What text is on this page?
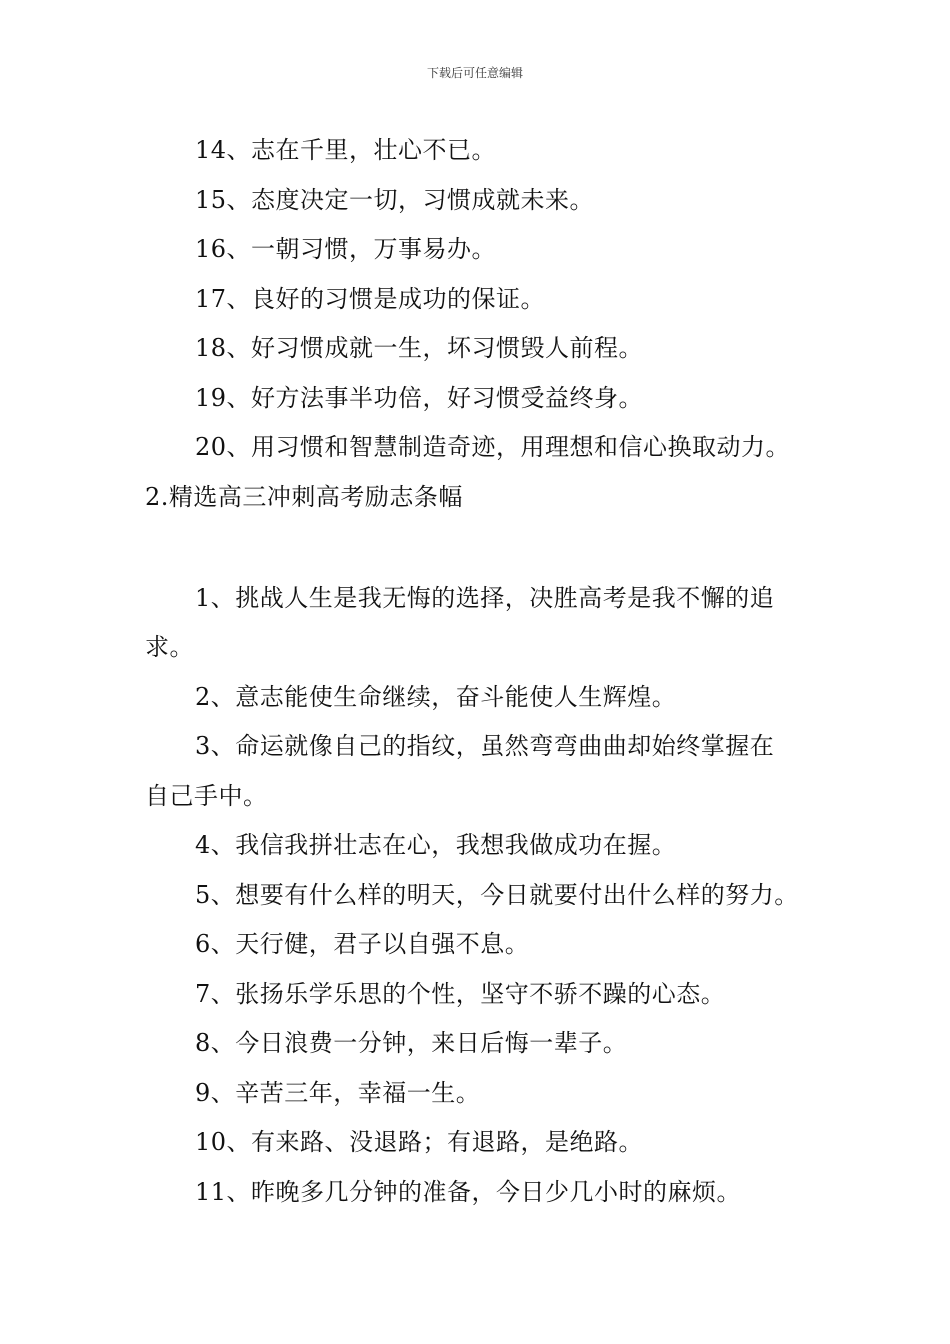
下载后可任意编辑
14、志在千里，壮心不已。
15、态度决定一切，习惯成就未来。
16、一朝习惯，万事易办。
17、良好的习惯是成功的保证。
18、好习惯成就一生，坏习惯毁人前程。
19、好方法事半功倍，好习惯受益终身。
20、用习惯和智慧制造奇迹，用理想和信心换取动力。
2.精选高三冲刺高考励志条幅
1、挑战人生是我无悔的选择，决胜高考是我不懈的追
求。
2、意志能使生命继续，奋斗能使人生辉煌。
3、命运就像自己的指纹，虽然弯弯曲曲却始终掌握在
自己手中。
4、我信我拼壮志在心，我想我做成功在握。
5、想要有什么样的明天，今日就要付出什么样的努力。
6、天行健，君子以自强不息。
7、张扬乐学乐思的个性，坚守不骄不躁的心态。
8、今日浪费一分钟，来日后悔一辈子。
9、辛苦三年，幸福一生。
10、有来路、没退路；有退路，是绝路。
11、昨晚多几分钟的准备，今日少几小时的麻烦。
